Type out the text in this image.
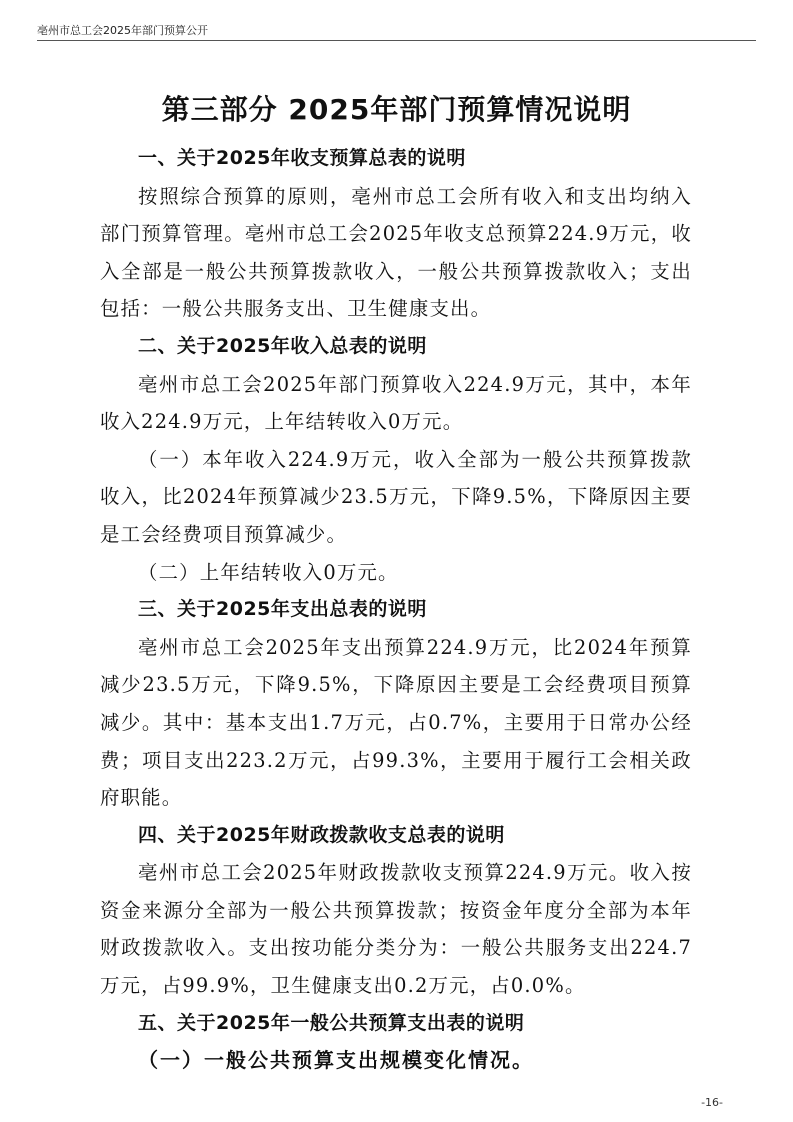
亳州市总工会2025年部门预算公开
第三部分 2025年部门预算情况说明

一、关于2025年收支预算总表的说明

按照综合预算的原则，亳州市总工会所有收入和支出均纳入部门预算管理。亳州市总工会2025年收支总预算224.9万元，收入全部是一般公共预算拨款收入，一般公共预算拨款收入；支出包括：一般公共服务支出、卫生健康支出。

二、关于2025年收入总表的说明

亳州市总工会2025年部门预算收入224.9万元，其中，本年收入224.9万元，上年结转收入0万元。

（一）本年收入224.9万元，收入全部为一般公共预算拨款收入，比2024年预算减少23.5万元，下降9.5%，下降原因主要是工会经费项目预算减少。

（二）上年结转收入0万元。

三、关于2025年支出总表的说明

亳州市总工会2025年支出预算224.9万元，比2024年预算减少23.5万元，下降9.5%，下降原因主要是工会经费项目预算减少。其中：基本支出1.7万元，占0.7%，主要用于日常办公经费；项目支出223.2万元，占99.3%，主要用于履行工会相关政府职能。

四、关于2025年财政拨款收支总表的说明

亳州市总工会2025年财政拨款收支预算224.9万元。收入按资金来源分全部为一般公共预算拨款；按资金年度分全部为本年财政拨款收入。支出按功能分类分为：一般公共服务支出224.7万元，占99.9%，卫生健康支出0.2万元，占0.0%。

五、关于2025年一般公共预算支出表的说明

（一）一般公共预算支出规模变化情况。

-16-
